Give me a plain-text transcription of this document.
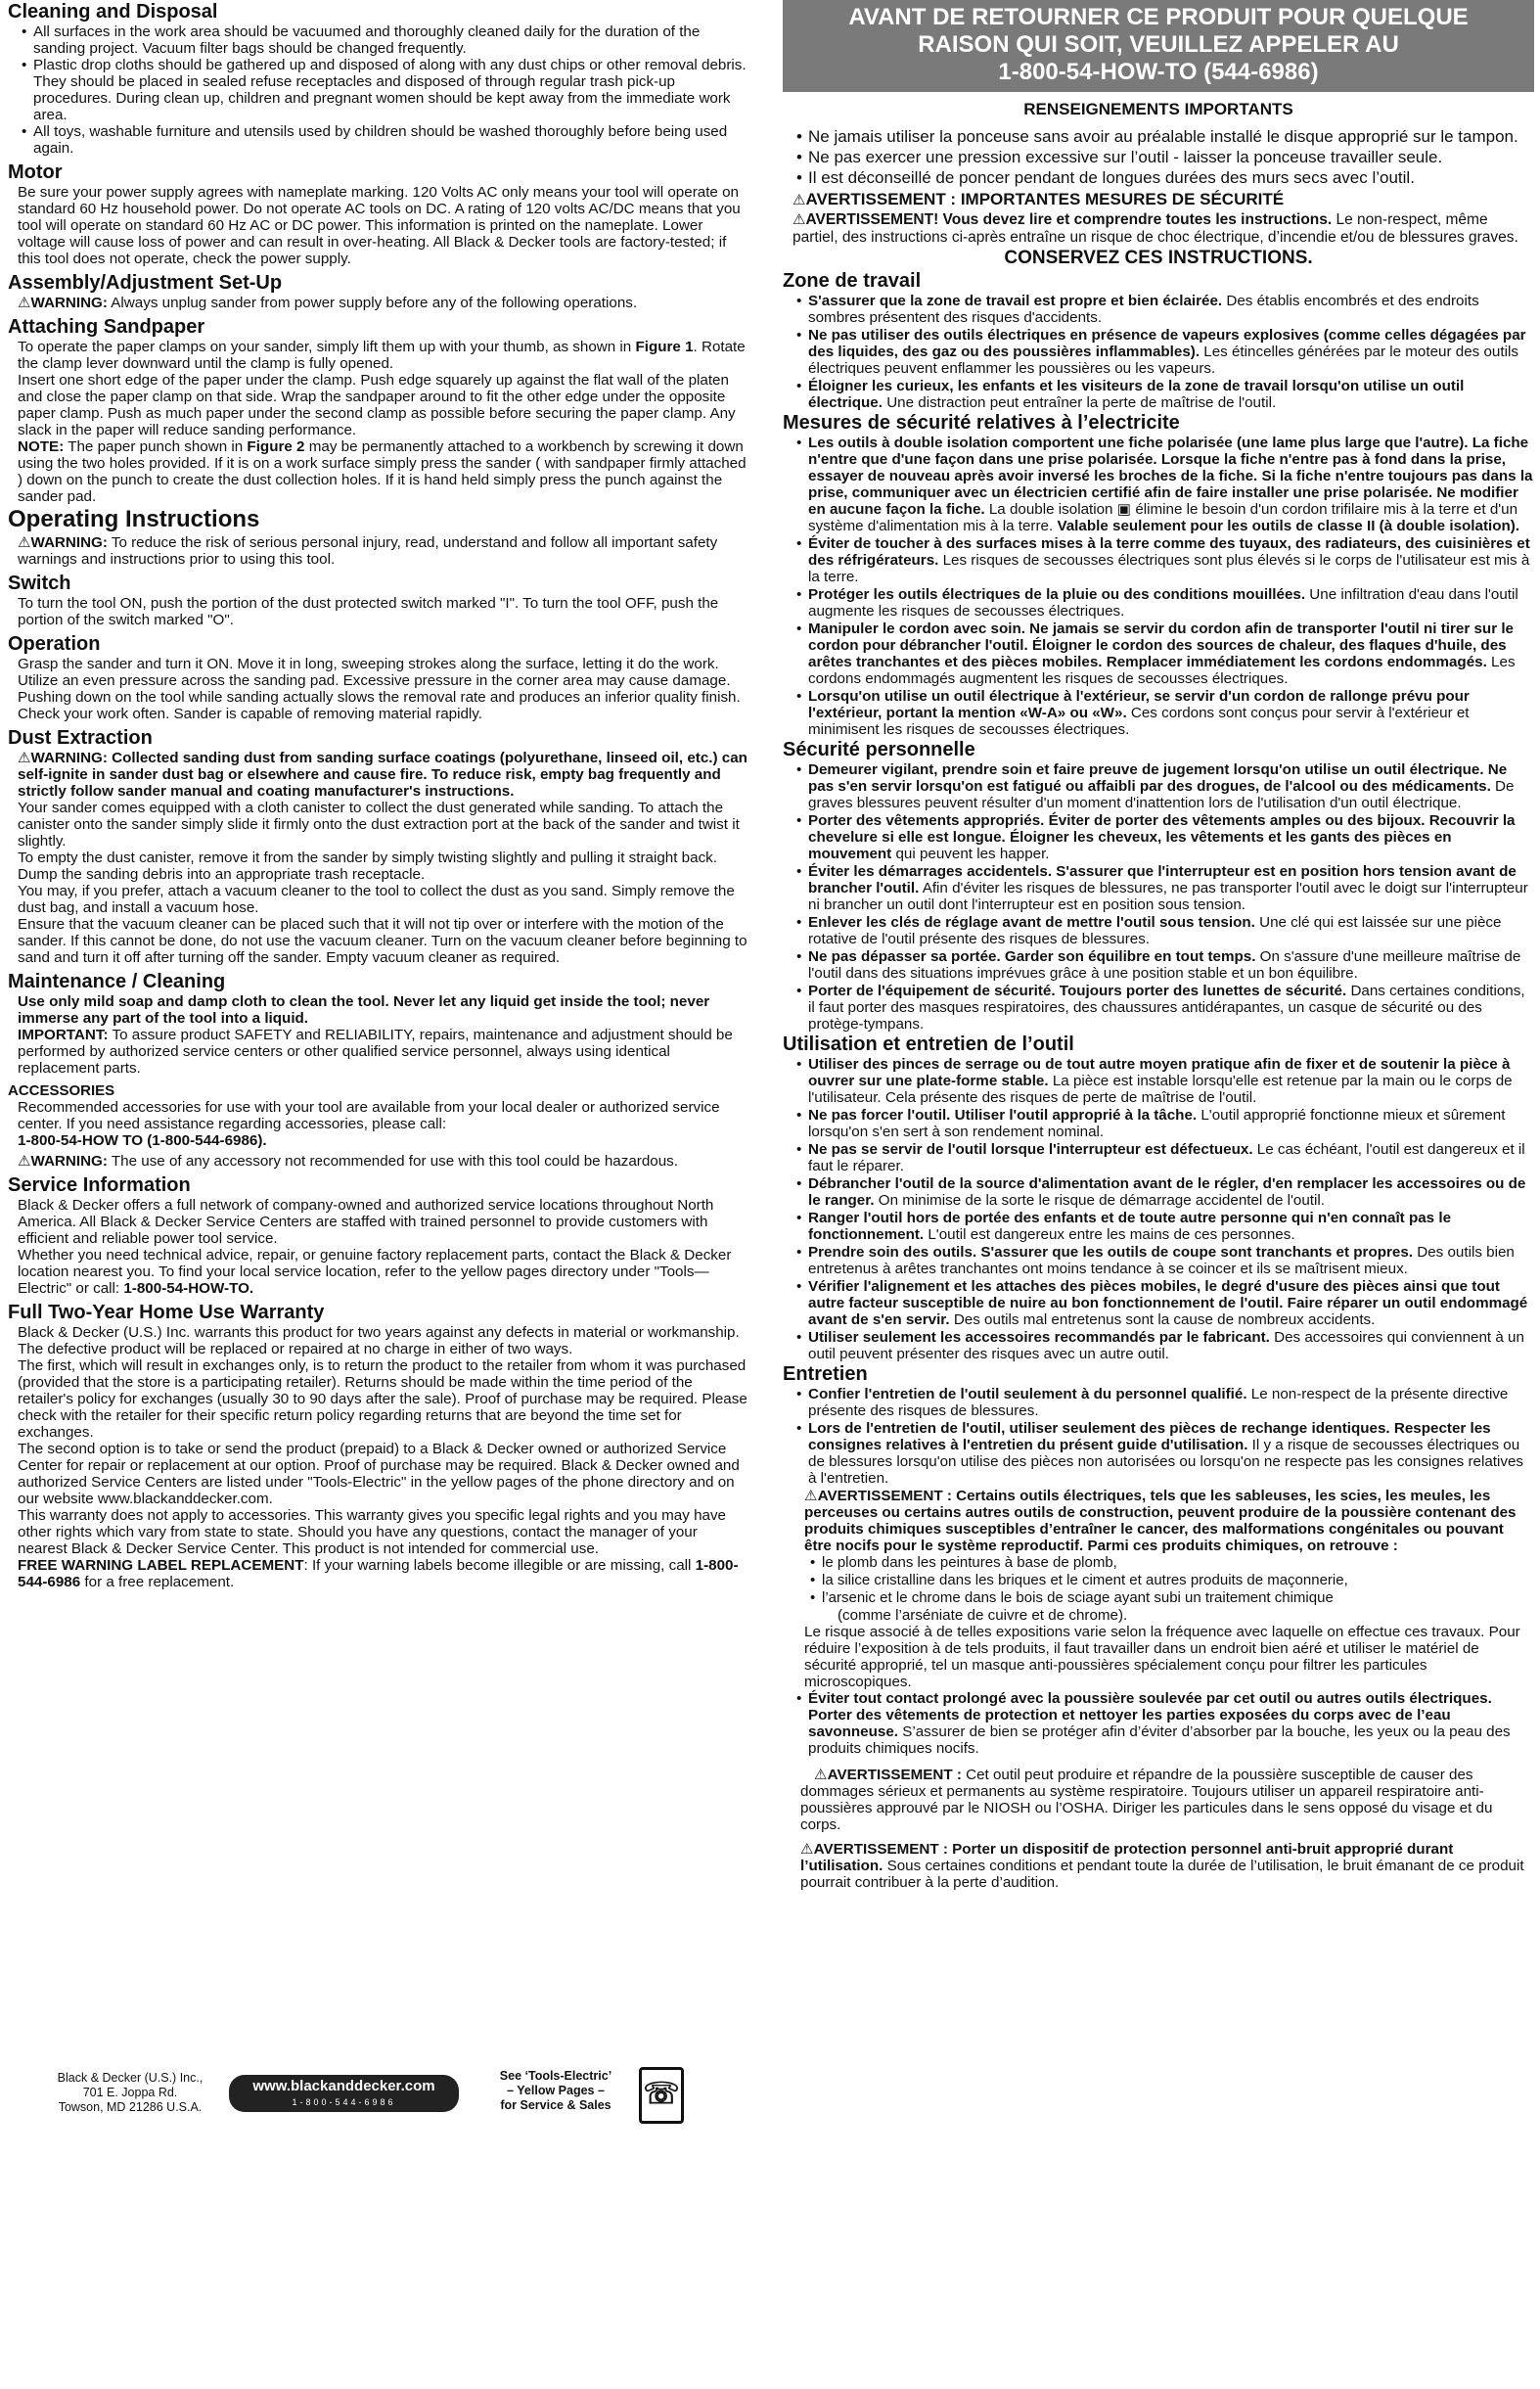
Cleaning and Disposal
• All surfaces in the work area should be vacuumed and thoroughly cleaned daily for the duration of the sanding project. Vacuum filter bags should be changed frequently.
• Plastic drop cloths should be gathered up and disposed of along with any dust chips or other removal debris. They should be placed in sealed refuse receptacles and disposed of through regular trash pick-up procedures. During clean up, children and pregnant women should be kept away from the immediate work area.
• All toys, washable furniture and utensils used by children should be washed thoroughly before being used again.
Motor

Be sure your power supply agrees with nameplate marking. 120 Volts AC only means your tool will operate on standard 60 Hz household power. Do not operate AC tools on DC. A rating of 120 volts AC/DC means that you tool will operate on standard 60 Hz AC or DC power. This information is printed on the nameplate. Lower voltage will cause loss of power and can result in over-heating. All Black & Decker tools are factory-tested; if this tool does not operate, check the power supply.

Assembly/Adjustment Set-Up

⚠WARNING: Always unplug sander from power supply before any of the following operations.

Attaching Sandpaper

To operate the paper clamps on your sander, simply lift them up with your thumb, as shown in Figure 1. Rotate the clamp lever downward until the clamp is fully opened.

Insert one short edge of the paper under the clamp. Push edge squarely up against the flat wall of the platen and close the paper clamp on that side. Wrap the sandpaper around to fit the other edge under the opposite paper clamp. Push as much paper under the second clamp as possible before securing the paper clamp. Any slack in the paper will reduce sanding performance.

NOTE: The paper punch shown in Figure 2 may be permanently attached to a workbench by screwing it down using the two holes provided. If it is on a work surface simply press the sander ( with sandpaper firmly attached ) down on the punch to create the dust collection holes. If it is hand held simply press the punch against the sander pad.

Operating Instructions

⚠WARNING: To reduce the risk of serious personal injury, read, understand and follow all important safety warnings and instructions prior to using this tool.

Switch

To turn the tool ON, push the portion of the dust protected switch marked "I". To turn the tool OFF, push the portion of the switch marked "O".

Operation

Grasp the sander and turn it ON. Move it in long, sweeping strokes along the surface, letting it do the work. Utilize an even pressure across the sanding pad. Excessive pressure in the corner area may cause damage. Pushing down on the tool while sanding actually slows the removal rate and produces an inferior quality finish. Check your work often. Sander is capable of removing material rapidly.

Dust Extraction

⚠WARNING: Collected sanding dust from sanding surface coatings (polyurethane, linseed oil, etc.) can self-ignite in sander dust bag or elsewhere and cause fire. To reduce risk, empty bag frequently and strictly follow sander manual and coating manufacturer's instructions.

Your sander comes equipped with a cloth canister to collect the dust generated while sanding. To attach the canister onto the sander simply slide it firmly onto the dust extraction port at the back of the sander and twist it slightly.

To empty the dust canister, remove it from the sander by simply twisting slightly and pulling it straight back. Dump the sanding debris into an appropriate trash receptacle.

You may, if you prefer, attach a vacuum cleaner to the tool to collect the dust as you sand. Simply remove the dust bag, and install a vacuum hose.

Ensure that the vacuum cleaner can be placed such that it will not tip over or interfere with the motion of the sander. If this cannot be done, do not use the vacuum cleaner. Turn on the vacuum cleaner before beginning to sand and turn it off after turning off the sander. Empty vacuum cleaner as required.

Maintenance / Cleaning

Use only mild soap and damp cloth to clean the tool. Never let any liquid get inside the tool; never immerse any part of the tool into a liquid.

IMPORTANT: To assure product SAFETY and RELIABILITY, repairs, maintenance and adjustment should be performed by authorized service centers or other qualified service personnel, always using identical replacement parts.

ACCESSORIES

Recommended accessories for use with your tool are available from your local dealer or authorized service center. If you need assistance regarding accessories, please call:

1-800-54-HOW TO (1-800-544-6986).

⚠WARNING: The use of any accessory not recommended for use with this tool could be hazardous.

Service Information

Black & Decker offers a full network of company-owned and authorized service locations throughout North America. All Black & Decker Service Centers are staffed with trained personnel to provide customers with efficient and reliable power tool service.

Whether you need technical advice, repair, or genuine factory replacement parts, contact the Black & Decker location nearest you. To find your local service location, refer to the yellow pages directory under "Tools—Electric" or call: 1-800-54-HOW-TO.

Full Two-Year Home Use Warranty

Black & Decker (U.S.) Inc. warrants this product for two years against any defects in material or workmanship. The defective product will be replaced or repaired at no charge in either of two ways.

The first, which will result in exchanges only, is to return the product to the retailer from whom it was purchased (provided that the store is a participating retailer). Returns should be made within the time period of the retailer's policy for exchanges (usually 30 to 90 days after the sale). Proof of purchase may be required. Please check with the retailer for their specific return policy regarding returns that are beyond the time set for exchanges.

The second option is to take or send the product (prepaid) to a Black & Decker owned or authorized Service Center for repair or replacement at our option. Proof of purchase may be required. Black & Decker owned and authorized Service Centers are listed under "Tools-Electric" in the yellow pages of the phone directory and on our website www.blackanddecker.com.

This warranty does not apply to accessories. This warranty gives you specific legal rights and you may have other rights which vary from state to state. Should you have any questions, contact the manager of your nearest Black & Decker Service Center. This product is not intended for commercial use.

FREE WARNING LABEL REPLACEMENT: If your warning labels become illegible or are missing, call 1-800-544-6986 for a free replacement.

Black & Decker (U.S.) Inc.,
701 E. Joppa Rd.
Towson, MD 21286 U.S.A.
www.blackanddecker.com
1-800-544-6986
See ‘Tools-Electric’
– Yellow Pages –
for Service & Sales	☏
AVANT DE RETOURNER CE PRODUIT POUR QUELQUE
RAISON QUI SOIT, VEUILLEZ APPELER AU
1-800-54-HOW-TO (544-6986)
RENSEIGNEMENTS IMPORTANTS
• Ne jamais utiliser la ponceuse sans avoir au préalable installé le disque approprié sur le tampon.
• Ne pas exercer une pression excessive sur l’outil - laisser la ponceuse travailler seule.
• Il est déconseillé de poncer pendant de longues durées des murs secs avec l’outil.

⚠AVERTISSEMENT : IMPORTANTES MESURES DE SÉCURITÉ

⚠AVERTISSEMENT! Vous devez lire et comprendre toutes les instructions. Le non-respect, même partiel, des instructions ci-après entraîne un risque de choc électrique, d’incendie et/ou de blessures graves.

CONSERVEZ CES INSTRUCTIONS.
Zone de travail
• S'assurer que la zone de travail est propre et bien éclairée. Des établis encombrés et des endroits sombres présentent des risques d'accidents.
• Ne pas utiliser des outils électriques en présence de vapeurs explosives (comme celles dégagées par des liquides, des gaz ou des poussières inflammables). Les étincelles générées par le moteur des outils électriques peuvent enflammer les poussières ou les vapeurs.
• Éloigner les curieux, les enfants et les visiteurs de la zone de travail lorsqu'on utilise un outil électrique. Une distraction peut entraîner la perte de maîtrise de l'outil.
Mesures de sécurité relatives à l’electricite
• Les outils à double isolation comportent une fiche polarisée (une lame plus large que l'autre). La fiche n'entre que d'une façon dans une prise polarisée. Lorsque la fiche n'entre pas à fond dans la prise, essayer de nouveau après avoir inversé les broches de la fiche. Si la fiche n'entre toujours pas dans la prise, communiquer avec un électricien certifié afin de faire installer une prise polarisée. Ne modifier en aucune façon la fiche. La double isolation ▣ élimine le besoin d'un cordon trifilaire mis à la terre et d'un système d'alimentation mis à la terre. Valable seulement pour les outils de classe II (à double isolation).
• Éviter de toucher à des surfaces mises à la terre comme des tuyaux, des radiateurs, des cuisinières et des réfrigérateurs. Les risques de secousses électriques sont plus élevés si le corps de l'utilisateur est mis à la terre.
• Protéger les outils électriques de la pluie ou des conditions mouillées. Une infiltration d'eau dans l'outil augmente les risques de secousses électriques.
• Manipuler le cordon avec soin. Ne jamais se servir du cordon afin de transporter l'outil ni tirer sur le cordon pour débrancher l'outil. Éloigner le cordon des sources de chaleur, des flaques d'huile, des arêtes tranchantes et des pièces mobiles. Remplacer immédiatement les cordons endommagés. Les cordons endommagés augmentent les risques de secousses électriques.
• Lorsqu'on utilise un outil électrique à l'extérieur, se servir d'un cordon de rallonge prévu pour l'extérieur, portant la mention «W-A» ou «W». Ces cordons sont conçus pour servir à l'extérieur et minimisent les risques de secousses électriques.
Sécurité personnelle
• Demeurer vigilant, prendre soin et faire preuve de jugement lorsqu'on utilise un outil électrique. Ne pas s'en servir lorsqu'on est fatigué ou affaibli par des drogues, de l'alcool ou des médicaments. De graves blessures peuvent résulter d'un moment d'inattention lors de l'utilisation d'un outil électrique.
• Porter des vêtements appropriés. Éviter de porter des vêtements amples ou des bijoux. Recouvrir la chevelure si elle est longue. Éloigner les cheveux, les vêtements et les gants des pièces en mouvement qui peuvent les happer.
• Éviter les démarrages accidentels. S'assurer que l'interrupteur est en position hors tension avant de brancher l'outil. Afin d'éviter les risques de blessures, ne pas transporter l'outil avec le doigt sur l'interrupteur ni brancher un outil dont l'interrupteur est en position sous tension.
• Enlever les clés de réglage avant de mettre l'outil sous tension. Une clé qui est laissée sur une pièce rotative de l'outil présente des risques de blessures.
• Ne pas dépasser sa portée. Garder son équilibre en tout temps. On s'assure d'une meilleure maîtrise de l'outil dans des situations imprévues grâce à une position stable et un bon équilibre.
• Porter de l'équipement de sécurité. Toujours porter des lunettes de sécurité. Dans certaines conditions, il faut porter des masques respiratoires, des chaussures antidérapantes, un casque de sécurité ou des protège-tympans.
Utilisation et entretien de l’outil
• Utiliser des pinces de serrage ou de tout autre moyen pratique afin de fixer et de soutenir la pièce à ouvrer sur une plate-forme stable. La pièce est instable lorsqu'elle est retenue par la main ou le corps de l'utilisateur. Cela présente des risques de perte de maîtrise de l'outil.
• Ne pas forcer l'outil. Utiliser l'outil approprié à la tâche. L'outil approprié fonctionne mieux et sûrement lorsqu'on s'en sert à son rendement nominal.
• Ne pas se servir de l'outil lorsque l'interrupteur est défectueux. Le cas échéant, l'outil est dangereux et il faut le réparer.
• Débrancher l'outil de la source d'alimentation avant de le régler, d'en remplacer les accessoires ou de le ranger. On minimise de la sorte le risque de démarrage accidentel de l'outil.
• Ranger l'outil hors de portée des enfants et de toute autre personne qui n'en connaît pas le fonctionnement. L'outil est dangereux entre les mains de ces personnes.
• Prendre soin des outils. S'assurer que les outils de coupe sont tranchants et propres. Des outils bien entretenus à arêtes tranchantes ont moins tendance à se coincer et ils se maîtrisent mieux.
• Vérifier l'alignement et les attaches des pièces mobiles, le degré d'usure des pièces ainsi que tout autre facteur susceptible de nuire au bon fonctionnement de l'outil. Faire réparer un outil endommagé avant de s'en servir. Des outils mal entretenus sont la cause de nombreux accidents.
• Utiliser seulement les accessoires recommandés par le fabricant. Des accessoires qui conviennent à un outil peuvent présenter des risques avec un autre outil.
Entretien
• Confier l'entretien de l'outil seulement à du personnel qualifié. Le non-respect de la présente directive présente des risques de blessures.
• Lors de l'entretien de l'outil, utiliser seulement des pièces de rechange identiques. Respecter les consignes relatives à l'entretien du présent guide d'utilisation. Il y a risque de secousses électriques ou de blessures lorsqu'on utilise des pièces non autorisées ou lorsqu'on ne respecte pas les consignes relatives à l'entretien.

⚠AVERTISSEMENT : Certains outils électriques, tels que les sableuses, les scies, les meules, les perceuses ou certains autres outils de construction, peuvent produire de la poussière contenant des produits chimiques susceptibles d’entraîner le cancer, des malformations congénitales ou pouvant être nocifs pour le système reproductif. Parmi ces produits chimiques, on retrouve :

• le plomb dans les peintures à base de plomb,
• la silice cristalline dans les briques et le ciment et autres produits de maçonnerie,
• l’arsenic et le chrome dans le bois de sciage ayant subi un traitement chimique

(comme l’arséniate de cuivre et de chrome).

Le risque associé à de telles expositions varie selon la fréquence avec laquelle on effectue ces travaux. Pour réduire l’exposition à de tels produits, il faut travailler dans un endroit bien aéré et utiliser le matériel de sécurité approprié, tel un masque anti-poussières spécialement conçu pour filtrer les particules microscopiques.

• Éviter tout contact prolongé avec la poussière soulevée par cet outil ou autres outils électriques. Porter des vêtements de protection et nettoyer les parties exposées du corps avec de l’eau savonneuse. S’assurer de bien se protéger afin d’éviter d’absorber par la bouche, les yeux ou la peau des produits chimiques nocifs.

⚠AVERTISSEMENT : Cet outil peut produire et répandre de la poussière susceptible de causer des dommages sérieux et permanents au système respiratoire. Toujours utiliser un appareil respiratoire anti-poussières approuvé par le NIOSH ou l’OSHA. Diriger les particules dans le sens opposé du visage et du corps.

⚠AVERTISSEMENT : Porter un dispositif de protection personnel anti-bruit approprié durant l’utilisation. Sous certaines conditions et pendant toute la durée de l’utilisation, le bruit émanant de ce produit pourrait contribuer à la perte d’audition.
